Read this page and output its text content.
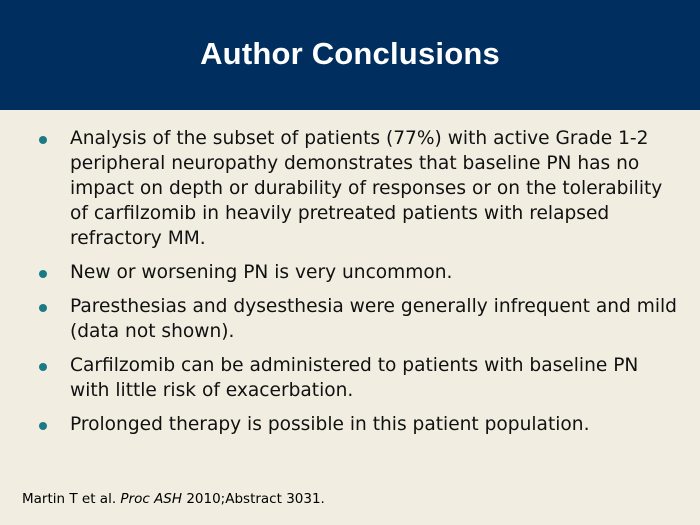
Author Conclusions
Analysis of the subset of patients (77%) with active Grade 1-2 peripheral neuropathy demonstrates that baseline PN has no impact on depth or durability of responses or on the tolerability of carfilzomib in heavily pretreated patients with relapsed refractory MM.
New or worsening PN is very uncommon.
Paresthesias and dysesthesia were generally infrequent and mild (data not shown).
Carfilzomib can be administered to patients with baseline PN with little risk of exacerbation.
Prolonged therapy is possible in this patient population.
Martin T et al. Proc ASH 2010;Abstract 3031.
